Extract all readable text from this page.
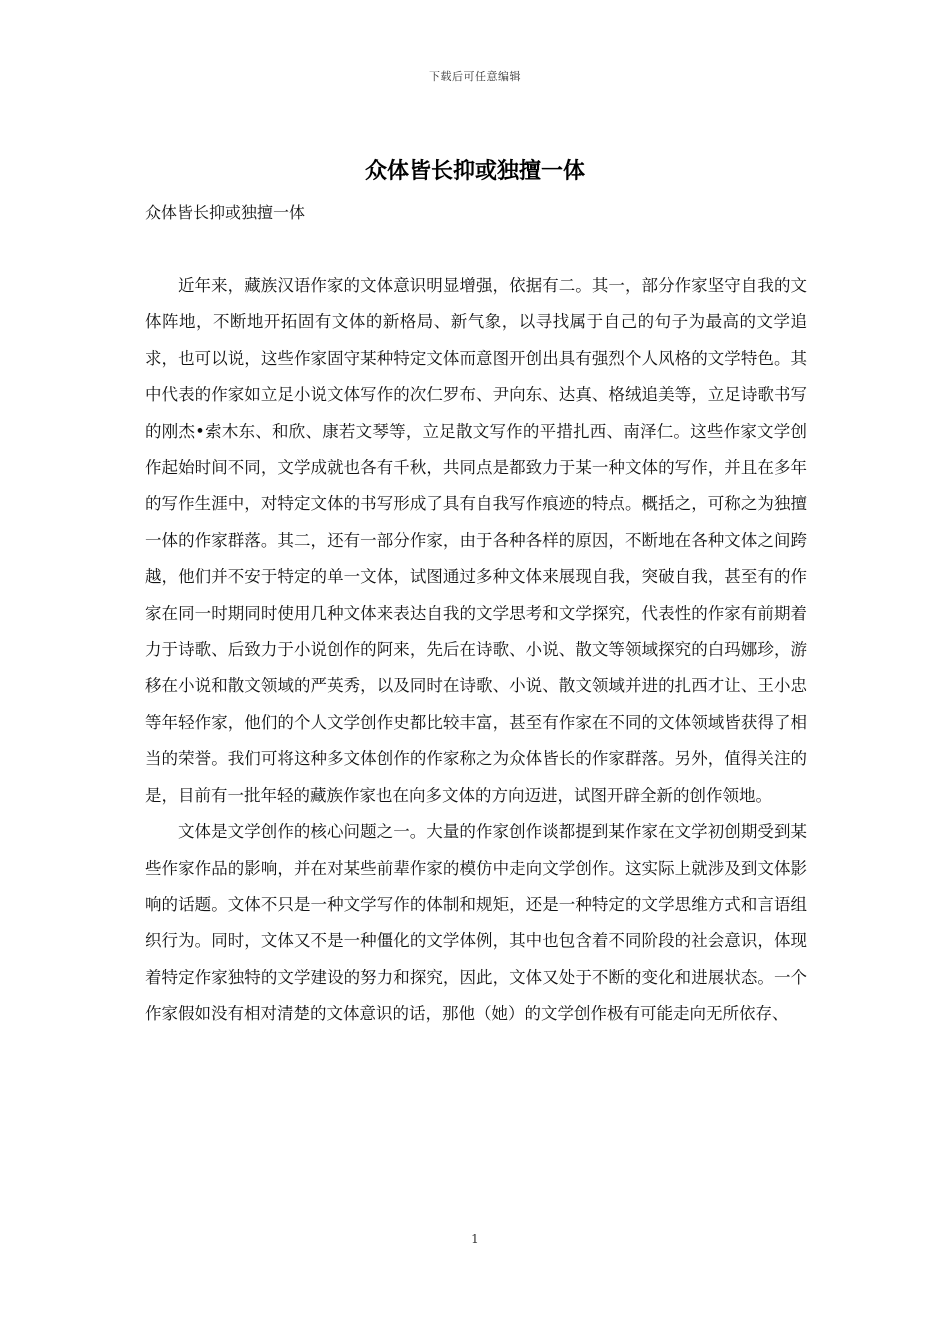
下载后可任意编辑
众体皆长抑或独擅一体

众体皆长抑或独擅一体

近年来，藏族汉语作家的文体意识明显增强，依据有二。其一，部分作家坚守自我的文体阵地，不断地开拓固有文体的新格局、新气象，以寻找属于自己的句子为最高的文学追求，也可以说，这些作家固守某种特定文体而意图开创出具有强烈个人风格的文学特色。其中代表的作家如立足小说文体写作的次仁罗布、尹向东、达真、格绒追美等，立足诗歌书写的刚杰•索木东、和欣、康若文琴等，立足散文写作的平措扎西、南泽仁。这些作家文学创作起始时间不同，文学成就也各有千秋，共同点是都致力于某一种文体的写作，并且在多年的写作生涯中，对特定文体的书写形成了具有自我写作痕迹的特点。概括之，可称之为独擅一体的作家群落。其二，还有一部分作家，由于各种各样的原因，不断地在各种文体之间跨越，他们并不安于特定的单一文体，试图通过多种文体来展现自我，突破自我，甚至有的作家在同一时期同时使用几种文体来表达自我的文学思考和文学探究，代表性的作家有前期着力于诗歌、后致力于小说创作的阿来，先后在诗歌、小说、散文等领域探究的白玛娜珍，游移在小说和散文领域的严英秀，以及同时在诗歌、小说、散文领域并进的扎西才让、王小忠等年轻作家，他们的个人文学创作史都比较丰富，甚至有作家在不同的文体领域皆获得了相当的荣誉。我们可将这种多文体创作的作家称之为众体皆长的作家群落。另外，值得关注的是，目前有一批年轻的藏族作家也在向多文体的方向迈进，试图开辟全新的创作领地。

文体是文学创作的核心问题之一。大量的作家创作谈都提到某作家在文学初创期受到某些作家作品的影响，并在对某些前辈作家的模仿中走向文学创作。这实际上就涉及到文体影响的话题。文体不只是一种文学写作的体制和规矩，还是一种特定的文学思维方式和言语组织行为。同时，文体又不是一种僵化的文学体例，其中也包含着不同阶段的社会意识，体现着特定作家独特的文学建设的努力和探究，因此，文体又处于不断的变化和进展状态。一个作家假如没有相对清楚的文体意识的话，那他（她）的文学创作极有可能走向无所依存、

1
